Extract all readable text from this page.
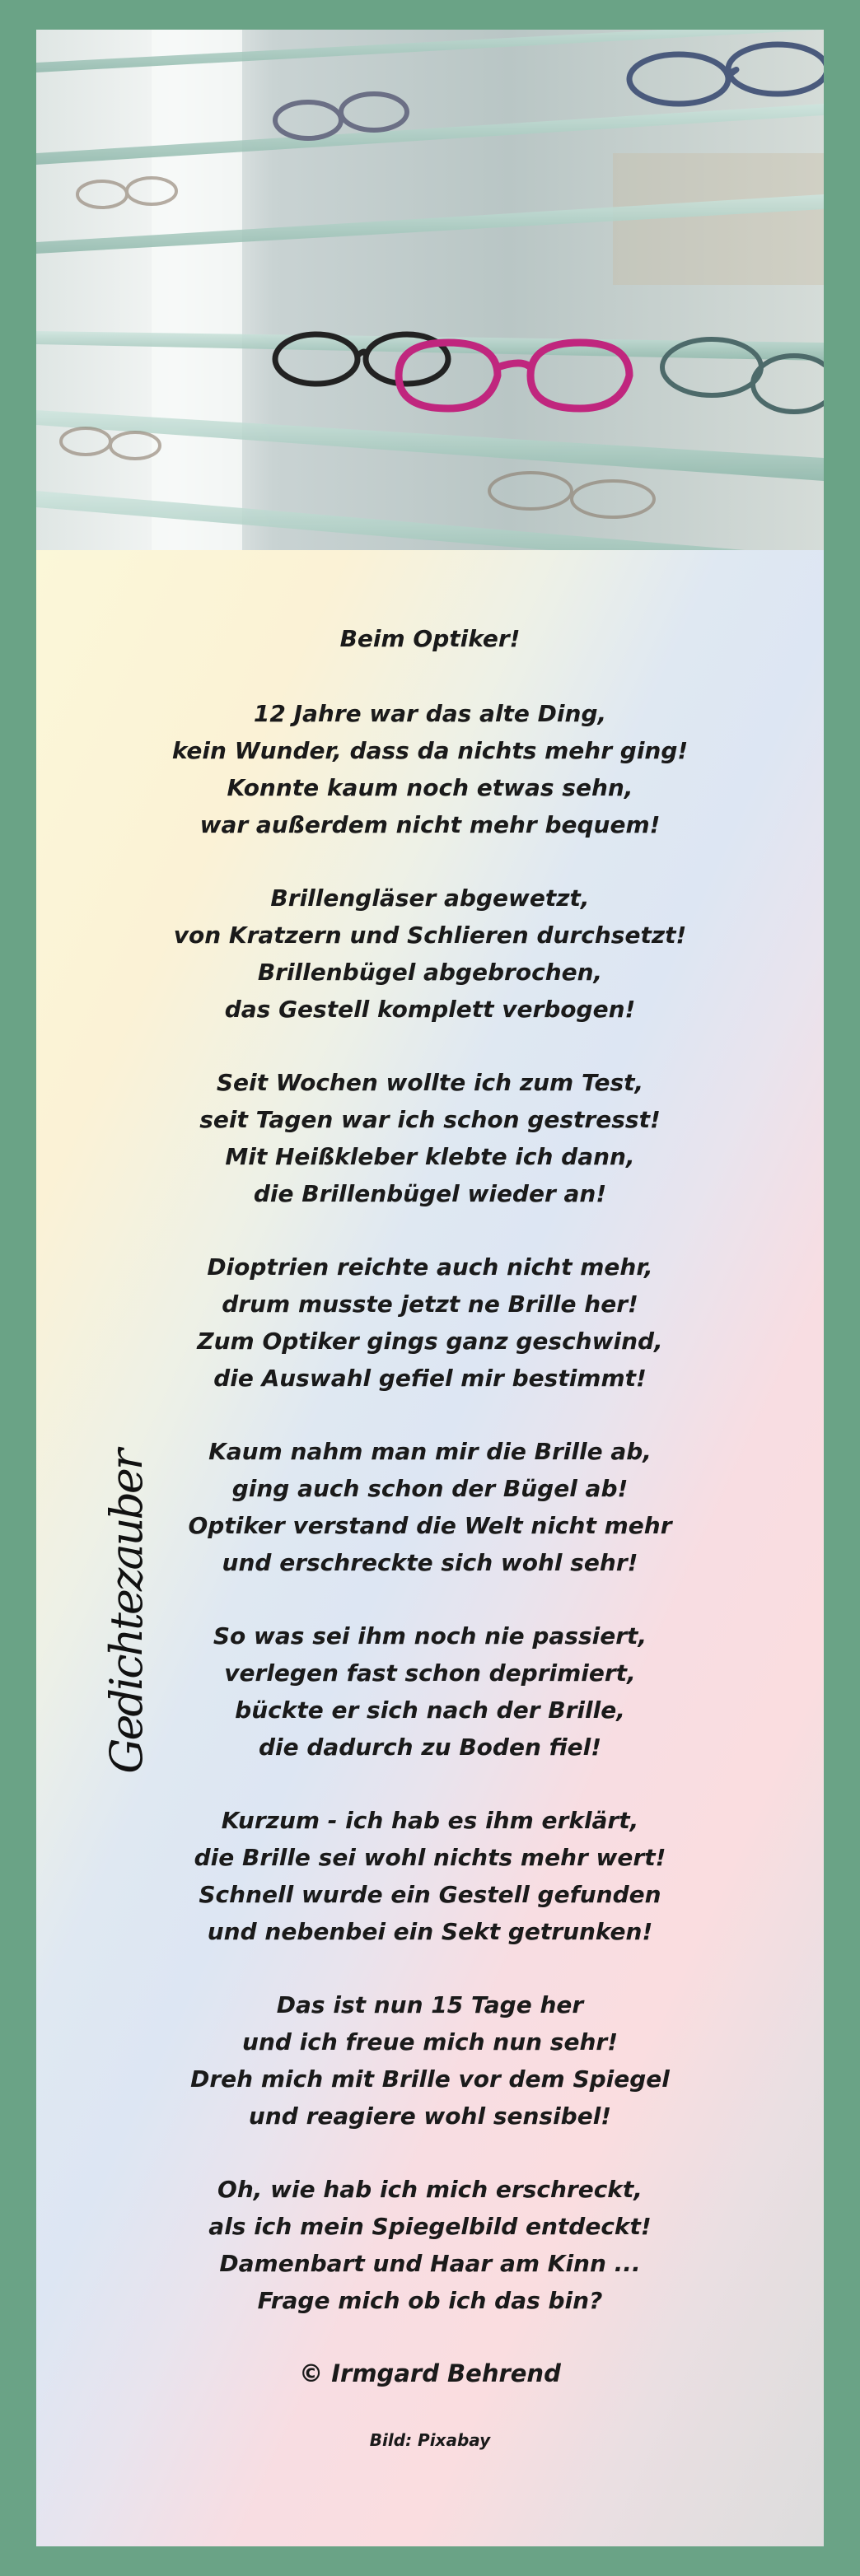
Gedichtezauber
Beim Optiker!
12 Jahre war das alte Ding,
kein Wunder, dass da nichts mehr ging!
Konnte kaum noch etwas sehn,
war außerdem nicht mehr bequem!
Brillengläser abgewetzt,
von Kratzern und Schlieren durchsetzt!
Brillenbügel abgebrochen,
das Gestell komplett verbogen!
Seit Wochen wollte ich zum Test,
seit Tagen war ich schon gestresst!
Mit Heißkleber klebte ich dann,
die Brillenbügel wieder an!
Dioptrien reichte auch nicht mehr,
drum musste jetzt ne Brille her!
Zum Optiker gings ganz geschwind,
die Auswahl gefiel mir bestimmt!
Kaum nahm man mir die Brille ab,
ging auch schon der Bügel ab!
Optiker verstand die Welt nicht mehr
und erschreckte sich wohl sehr!
So was sei ihm noch nie passiert,
verlegen fast schon deprimiert,
bückte er sich nach der Brille,
die dadurch zu Boden fiel!
Kurzum - ich hab es ihm erklärt,
die Brille sei wohl nichts mehr wert!
Schnell wurde ein Gestell gefunden
und nebenbei ein Sekt getrunken!
Das ist nun 15 Tage her
und ich freue mich nun sehr!
Dreh mich mit Brille vor dem Spiegel
und reagiere wohl sensibel!
Oh, wie hab ich mich erschreckt,
als ich mein Spiegelbild entdeckt!
Damenbart und Haar am Kinn ...
Frage mich ob ich das bin?
© Irmgard Behrend
Bild: Pixabay
